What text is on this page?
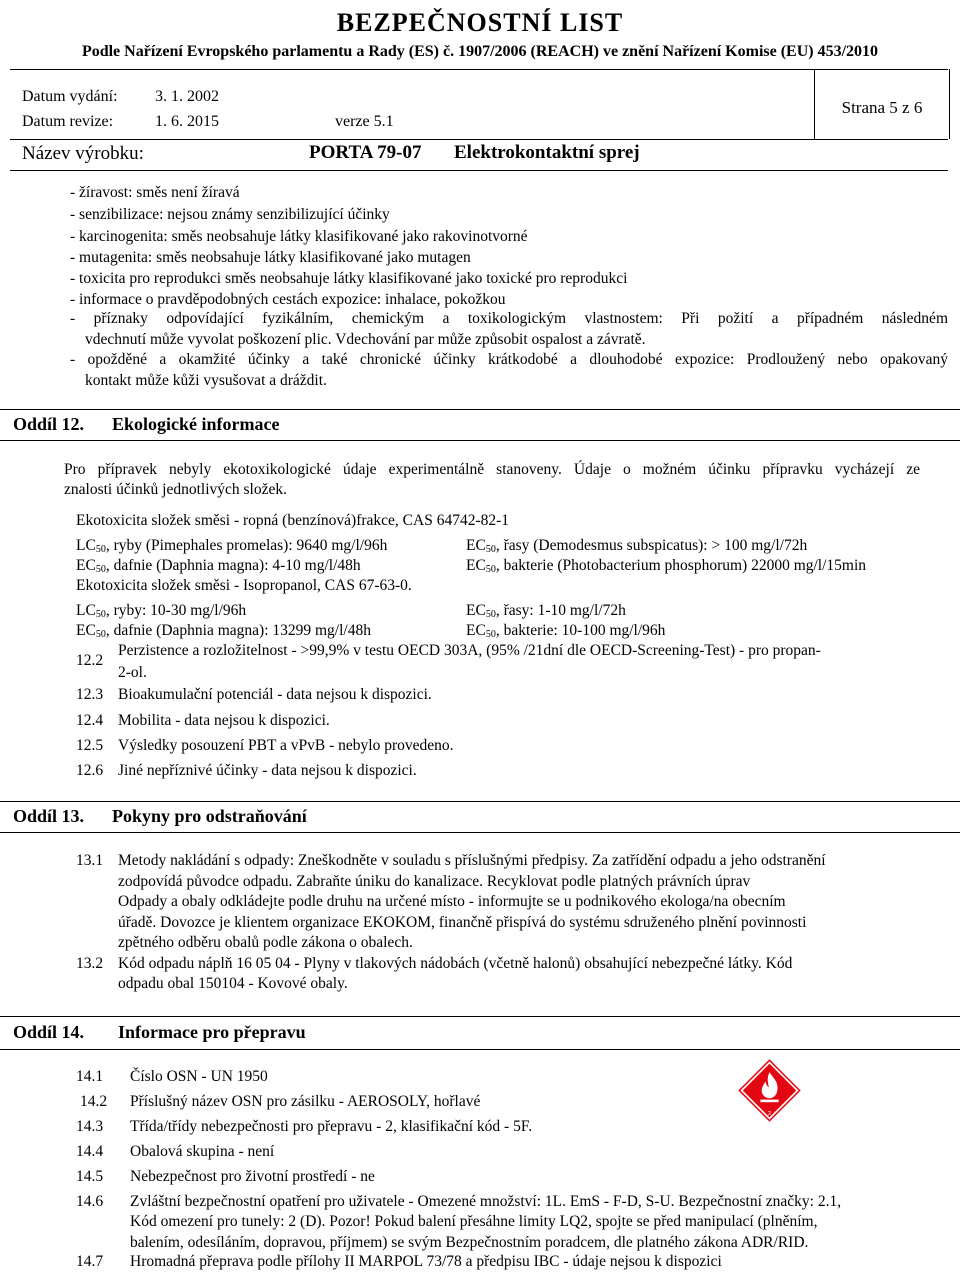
BEZPEČNOSTNÍ LIST
Podle Nařízení Evropského parlamentu a Rady (ES) č. 1907/2006 (REACH) ve znění Nařízení Komise (EU) 453/2010
Datum vydání: 3. 1. 2002
Datum revize:	1. 6. 2015	verze 5.1
Strana 5 z 6
Název výrobku:	PORTA 79-07 Elektrokontaktní sprej
- žíravost: směs není žíravá
- senzibilizace: nejsou známy senzibilizující účinky
- karcinogenita: směs neobsahuje látky klasifikované jako rakovinotvorné
- mutagenita: směs neobsahuje látky klasifikované jako mutagen
- toxicita pro reprodukci směs neobsahuje látky klasifikované jako toxické pro reprodukci
- informace o pravděpodobných cestách expozice: inhalace, pokožkou
- příznaky odpovídající fyzikálním, chemickým a toxikologickým vlastnostem: Při požití a případném následném
vdechnutí může vyvolat poškození plic. Vdechování par může způsobit ospalost a závratě.
- opožděné a okamžité účinky a také chronické účinky krátkodobé a dlouhodobé expozice: Prodloužený nebo opakovaný
kontakt může kůži vysušovat a dráždit.
Oddíl 12. Ekologické informace
Pro přípravek nebyly ekotoxikologické údaje experimentálně stanoveny. Údaje o možném účinku přípravku vycházejí ze
znalosti účinků jednotlivých složek.
Ekotoxicita složek směsi - ropná (benzínová)frakce, CAS 64742-82-1
$LC_{50}$, ryby (Pimephales promelas): 9640 mg/l/96h	$EC_{50}$, řasy (Demodesmus subspicatus): > 100 mg/l/72h
$EC_{50}$, dafnie (Daphnia magna): 4-10 mg/l/48h	$EC_{50}$, bakterie (Photobacterium phosphorum) 22000 mg/l/15min
Ekotoxicita složek směsi - Isopropanol, CAS 67-63-0.
$LC_{50}$, ryby: 10-30 mg/l/96h	$EC_{50}$, řasy: 1-10 mg/l/72h
$EC_{50}$, dafnie (Daphnia magna): 13299 mg/l/48h	$EC_{50}$, bakterie: 10-100 mg/l/96h
12.2
Perzistence a rozložitelnost - >99,9% v testu OECD 303A, (95% /21dní dle OECD-Screening-Test) - pro propan-
2-ol.
12.3 Bioakumulační potenciál - data nejsou k dispozici.
12.4 Mobilita - data nejsou k dispozici.
12.5 Výsledky posouzení PBT a vPvB - nebylo provedeno.
12.6 Jiné nepříznivé účinky - data nejsou k dispozici.
Oddíl 13. Pokyny pro odstraňování
13.1 Metody nakládání s odpady: Zneškodněte v souladu s příslušnými předpisy. Za zatřídění odpadu a jeho odstranění
zodpovídá původce odpadu. Zabraňte úniku do kanalizace. Recyklovat podle platných právních úprav
Odpady a obaly odkládejte podle druhu na určené místo - informujte se u podnikového ekologa/na obecním
úřadě. Dovozce je klientem organizace EKOKOM, finančně přispívá do systému sdruženého plnění povinnosti
zpětného odběru obalů podle zákona o obalech.
13.2 Kód odpadu náplň 16 05 04 - Plyny v tlakových nádobách (včetně halonů) obsahující nebezpečné látky. Kód
odpadu obal 150104 - Kovové obaly.
Oddíl 14. Informace pro přepravu
14.1 Číslo OSN - UN 1950
14.2 Příslušný název OSN pro zásilku - AEROSOLY, hořlavé
14.3 Třída/třídy nebezpečnosti pro přepravu - 2, klasifikační kód - 5F.
14.4 Obalová skupina - není
14.5 Nebezpečnost pro životní prostředí - ne
14.6 Zvláštní bezpečnostní opatření pro uživatele - Omezené množství: 1L. EmS - F-D, S-U. Bezpečnostní značky: 2.1,
Kód omezení pro tunely: 2 (D). Pozor! Pokud balení přesáhne limity LQ2, spojte se před manipulací (plněním,
balením, odesíláním, dopravou, příjmem) se svým Bezpečnostním poradcem, dle platného zákona ADR/RID.
14.7 Hromadná přeprava podle přílohy II MARPOL 73/78 a předpisu IBC - údaje nejsou k dispozici
2
